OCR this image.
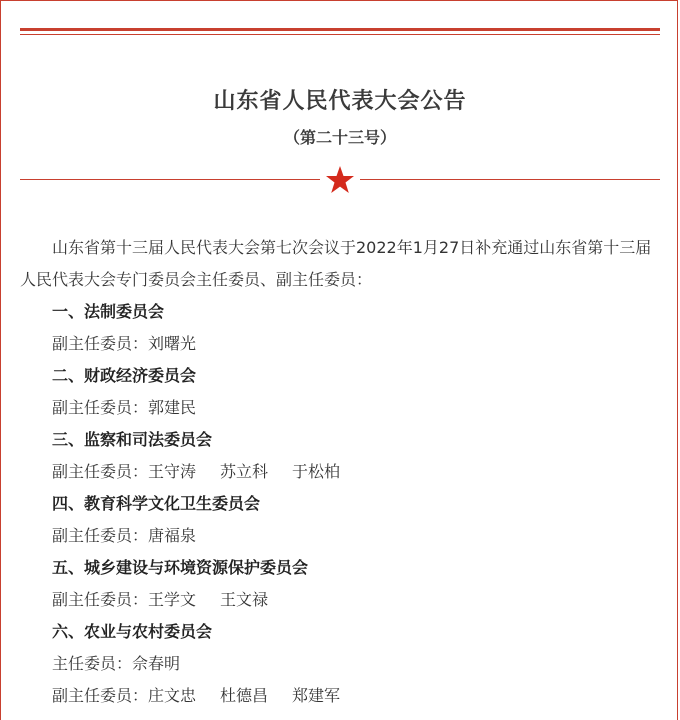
山东省人民代表大会公告
（第二十三号）

山东省第十三届人民代表大会第七次会议于2022年1月27日补充通过山东省第十三届人民代表大会专门委员会主任委员、副主任委员：

一、法制委员会
副主任委员：刘曙光
二、财政经济委员会
副主任委员：郭建民
三、监察和司法委员会
副主任委员：王守涛 苏立科 于松柏
四、教育科学文化卫生委员会
副主任委员：唐福泉
五、城乡建设与环境资源保护委员会
副主任委员：王学文 王文禄
六、农业与农村委员会
主任委员：佘春明
副主任委员：庄文忠 杜德昌 郑建军
